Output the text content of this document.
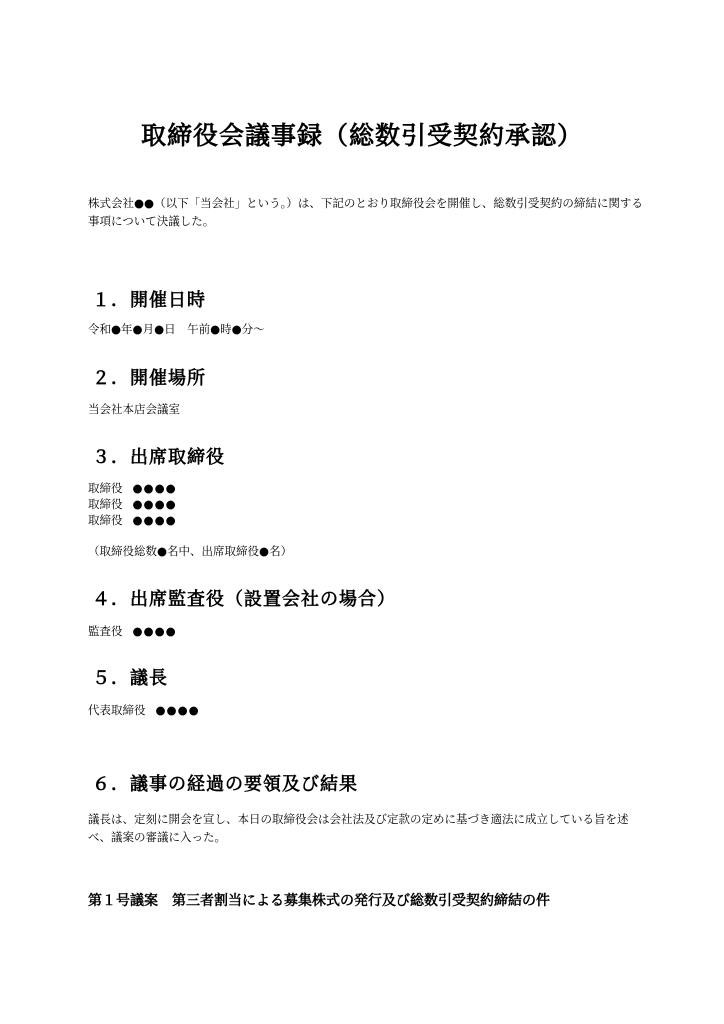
取締役会議事録（総数引受契約承認）
株式会社●●（以下「当会社」という。）は、下記のとおり取締役会を開催し、総数引受契約の締結に関する事項について決議した。
１．開催日時
令和●年●月●日　午前●時●分～
２．開催場所
当会社本店会議室
３．出席取締役
取締役 ●●●●
取締役 ●●●●
取締役 ●●●●
（取締役総数●名中、出席取締役●名）
４．出席監査役（設置会社の場合）
監査役 ●●●●
５．議長
代表取締役 ●●●●
６．議事の経過の要領及び結果
議長は、定刻に開会を宣し、本日の取締役会は会社法及び定款の定めに基づき適法に成立している旨を述べ、議案の審議に入った。
第１号議案　第三者割当による募集株式の発行及び総数引受契約締結の件
